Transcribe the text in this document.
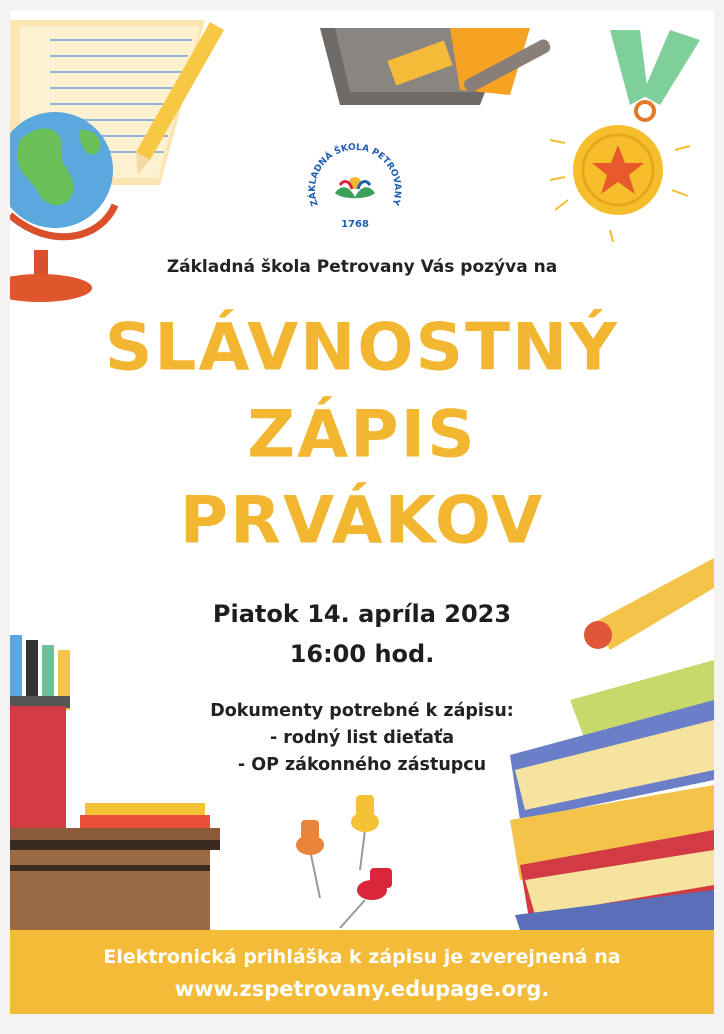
ZÁKLADNÁ ŠKOLA PETROVANY
1768
Základná škola Petrovany Vás pozýva na
SLÁVNOSTNÝ
ZÁPIS
PRVÁKOV
Piatok 14. apríla 2023
16:00 hod.
Dokumenty potrebné k zápisu:
- rodný list dieťaťa
- OP zákonného zástupcu
Elektronická prihláška k zápisu je zverejnená na
www.zspetrovany.edupage.org.
